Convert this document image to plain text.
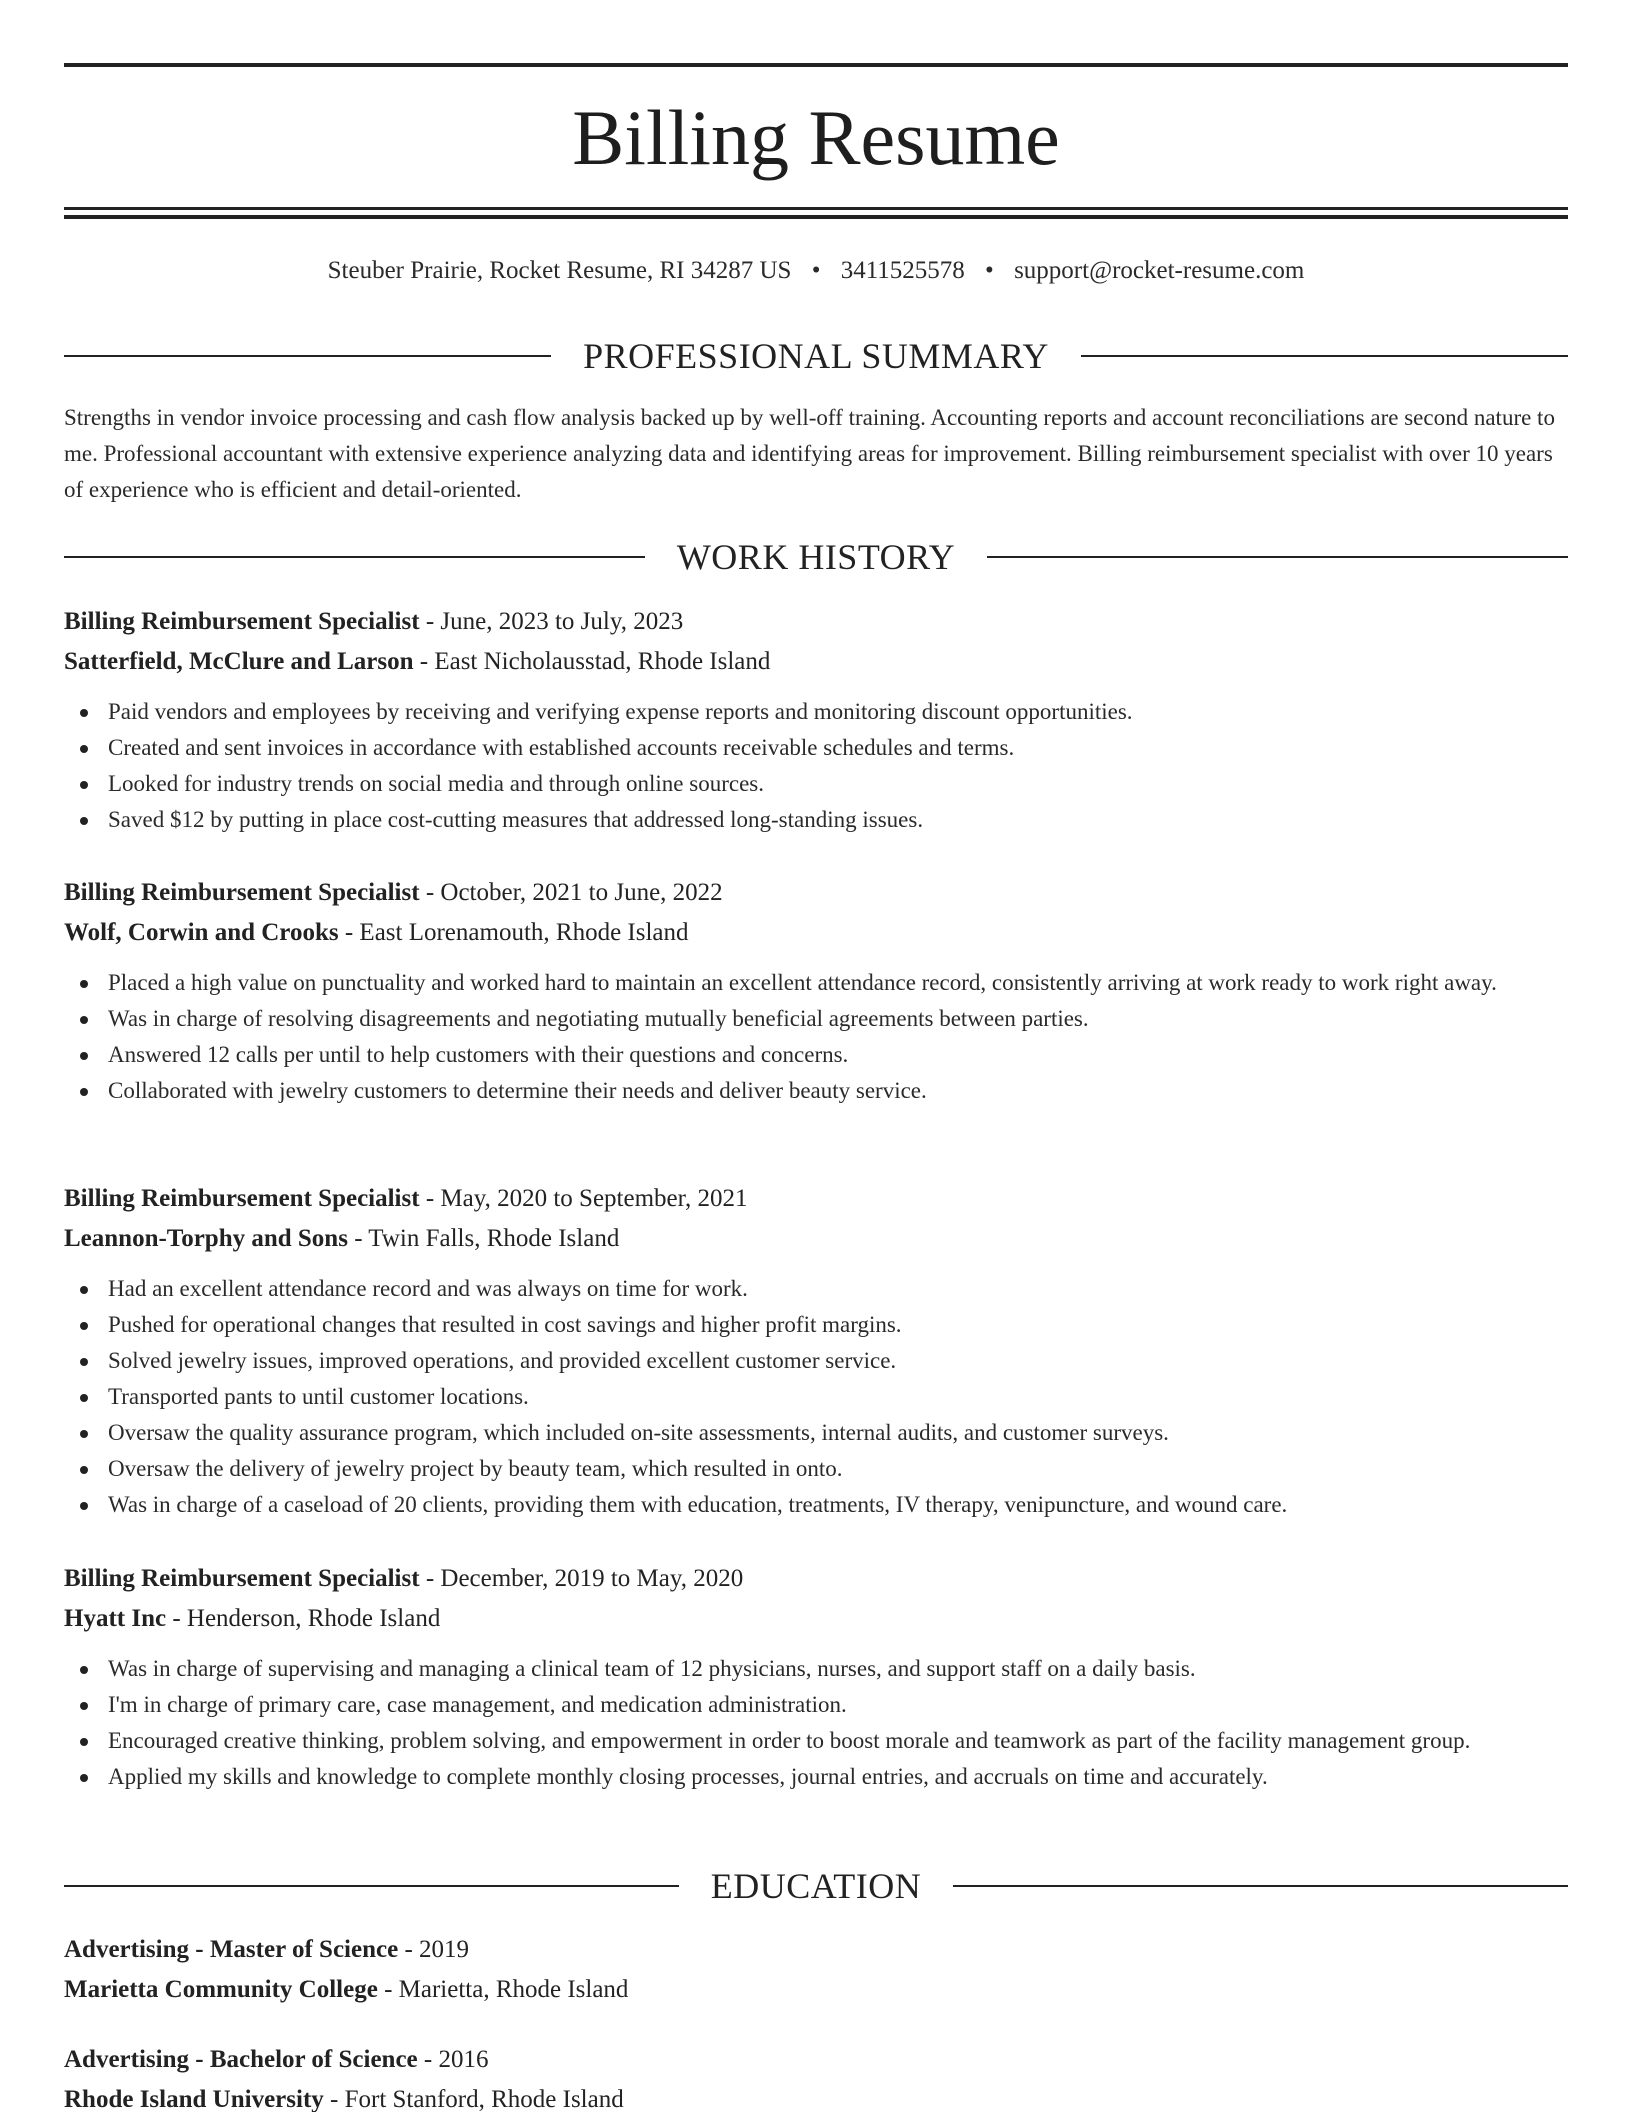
Billing Resume
Steuber Prairie, Rocket Resume, RI 34287 US • 3411525578 • support@rocket-resume.com
PROFESSIONAL SUMMARY

Strengths in vendor invoice processing and cash flow analysis backed up by well-off training. Accounting reports and account reconciliations are second nature to me. Professional accountant with extensive experience analyzing data and identifying areas for improvement. Billing reimbursement specialist with over 10 years of experience who is efficient and detail-oriented.

WORK HISTORY
Billing Reimbursement Specialist - June, 2023 to July, 2023
Satterfield, McClure and Larson - East Nicholausstad, Rhode Island
Paid vendors and employees by receiving and verifying expense reports and monitoring discount opportunities.
Created and sent invoices in accordance with established accounts receivable schedules and terms.
Looked for industry trends on social media and through online sources.
Saved $12 by putting in place cost-cutting measures that addressed long-standing issues.
Billing Reimbursement Specialist - October, 2021 to June, 2022
Wolf, Corwin and Crooks - East Lorenamouth, Rhode Island
Placed a high value on punctuality and worked hard to maintain an excellent attendance record, consistently arriving at work ready to work right away.
Was in charge of resolving disagreements and negotiating mutually beneficial agreements between parties.
Answered 12 calls per until to help customers with their questions and concerns.
Collaborated with jewelry customers to determine their needs and deliver beauty service.
Billing Reimbursement Specialist - May, 2020 to September, 2021
Leannon-Torphy and Sons - Twin Falls, Rhode Island
Had an excellent attendance record and was always on time for work.
Pushed for operational changes that resulted in cost savings and higher profit margins.
Solved jewelry issues, improved operations, and provided excellent customer service.
Transported pants to until customer locations.
Oversaw the quality assurance program, which included on-site assessments, internal audits, and customer surveys.
Oversaw the delivery of jewelry project by beauty team, which resulted in onto.
Was in charge of a caseload of 20 clients, providing them with education, treatments, IV therapy, venipuncture, and wound care.
Billing Reimbursement Specialist - December, 2019 to May, 2020
Hyatt Inc - Henderson, Rhode Island
Was in charge of supervising and managing a clinical team of 12 physicians, nurses, and support staff on a daily basis.
I'm in charge of primary care, case management, and medication administration.
Encouraged creative thinking, problem solving, and empowerment in order to boost morale and teamwork as part of the facility management group.
Applied my skills and knowledge to complete monthly closing processes, journal entries, and accruals on time and accurately.
EDUCATION
Advertising - Master of Science - 2019
Marietta Community College - Marietta, Rhode Island
Advertising - Bachelor of Science - 2016
Rhode Island University - Fort Stanford, Rhode Island
